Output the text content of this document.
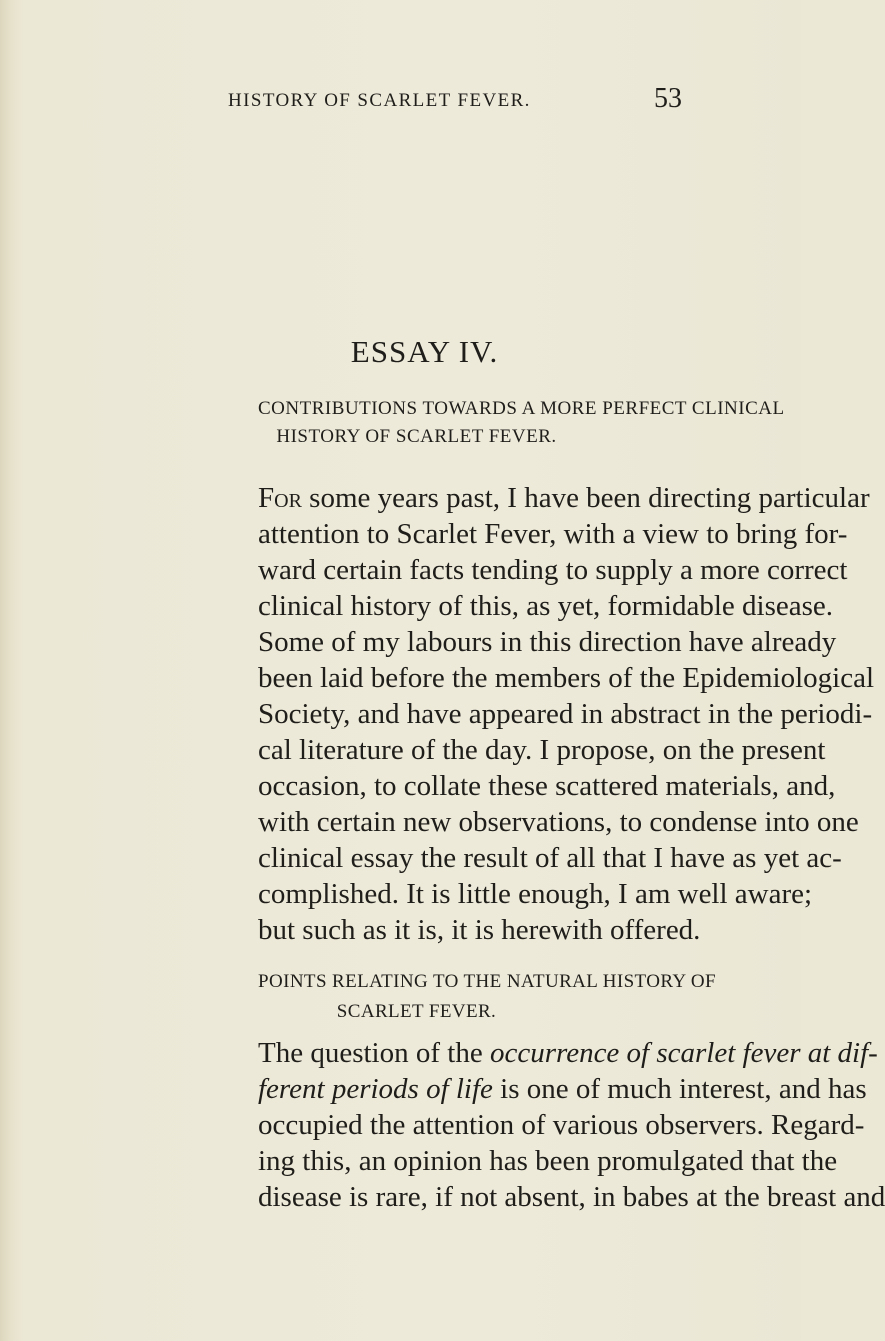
HISTORY OF SCARLET FEVER.	53
ESSAY IV.
CONTRIBUTIONS TOWARDS A MORE PERFECT CLINICAL
HISTORY OF SCARLET FEVER.
For some years past, I have been directing particular
attention to Scarlet Fever, with a view to bring for-
ward certain facts tending to supply a more correct
clinical history of this, as yet, formidable disease.
Some of my labours in this direction have already
been laid before the members of the Epidemiological
Society, and have appeared in abstract in the periodi-
cal literature of the day. I propose, on the present
occasion, to collate these scattered materials, and,
with certain new observations, to condense into one
clinical essay the result of all that I have as yet ac-
complished. It is little enough, I am well aware;
but such as it is, it is herewith offered.
POINTS RELATING TO THE NATURAL HISTORY OF
SCARLET FEVER.
The question of the occurrence of scarlet fever at dif-
ferent periods of life is one of much interest, and has
occupied the attention of various observers. Regard-
ing this, an opinion has been promulgated that the
disease is rare, if not absent, in babes at the breast and
